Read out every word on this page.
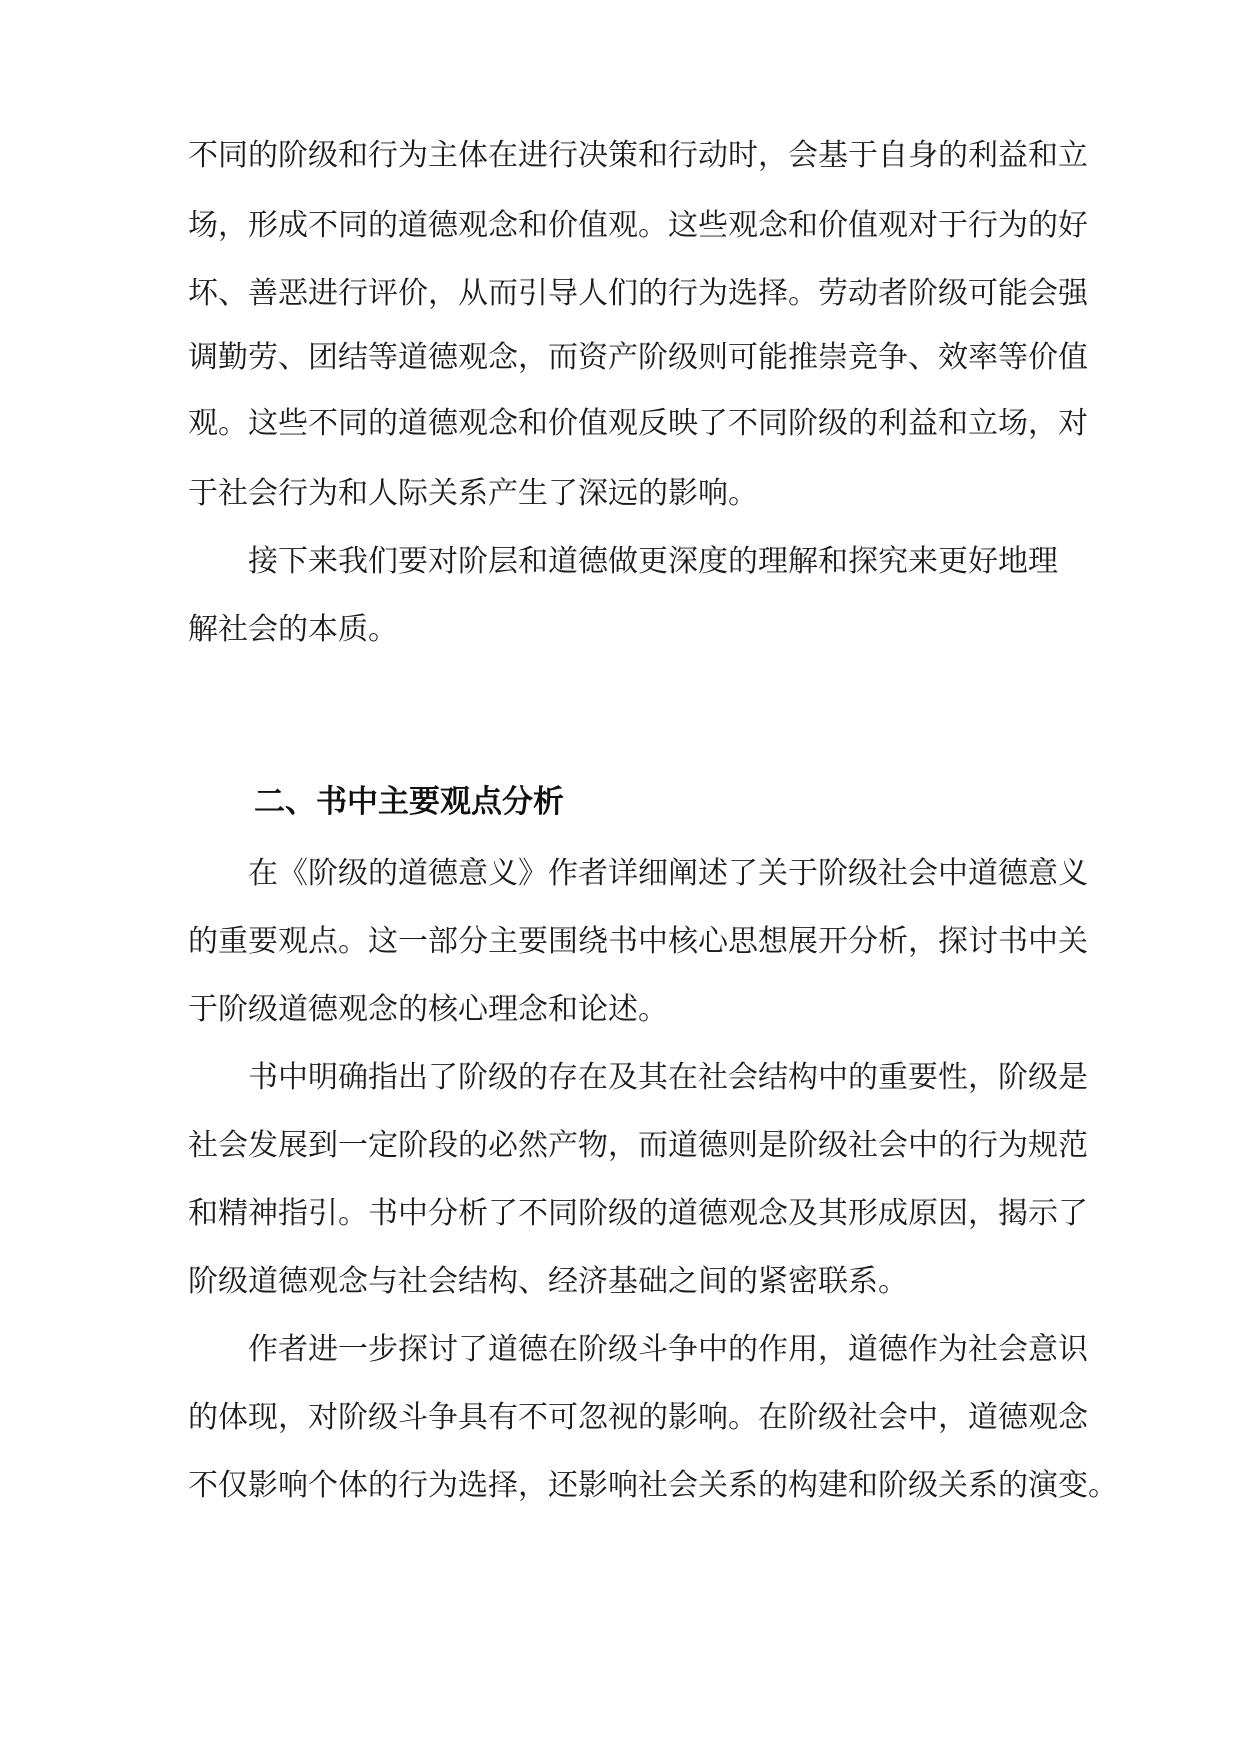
不同的阶级和行为主体在进行决策和行动时，会基于自身的利益和立
场，形成不同的道德观念和价值观。这些观念和价值观对于行为的好
坏、善恶进行评价，从而引导人们的行为选择。劳动者阶级可能会强
调勤劳、团结等道德观念，而资产阶级则可能推崇竞争、效率等价值
观。这些不同的道德观念和价值观反映了不同阶级的利益和立场，对
于社会行为和人际关系产生了深远的影响。
接下来我们要对阶层和道德做更深度的理解和探究来更好地理
解社会的本质。
二、书中主要观点分析
在《阶级的道德意义》作者详细阐述了关于阶级社会中道德意义
的重要观点。这一部分主要围绕书中核心思想展开分析，探讨书中关
于阶级道德观念的核心理念和论述。
书中明确指出了阶级的存在及其在社会结构中的重要性，阶级是
社会发展到一定阶段的必然产物，而道德则是阶级社会中的行为规范
和精神指引。书中分析了不同阶级的道德观念及其形成原因，揭示了
阶级道德观念与社会结构、经济基础之间的紧密联系。
作者进一步探讨了道德在阶级斗争中的作用，道德作为社会意识
的体现，对阶级斗争具有不可忽视的影响。在阶级社会中，道德观念
不仅影响个体的行为选择，还影响社会关系的构建和阶级关系的演变。
